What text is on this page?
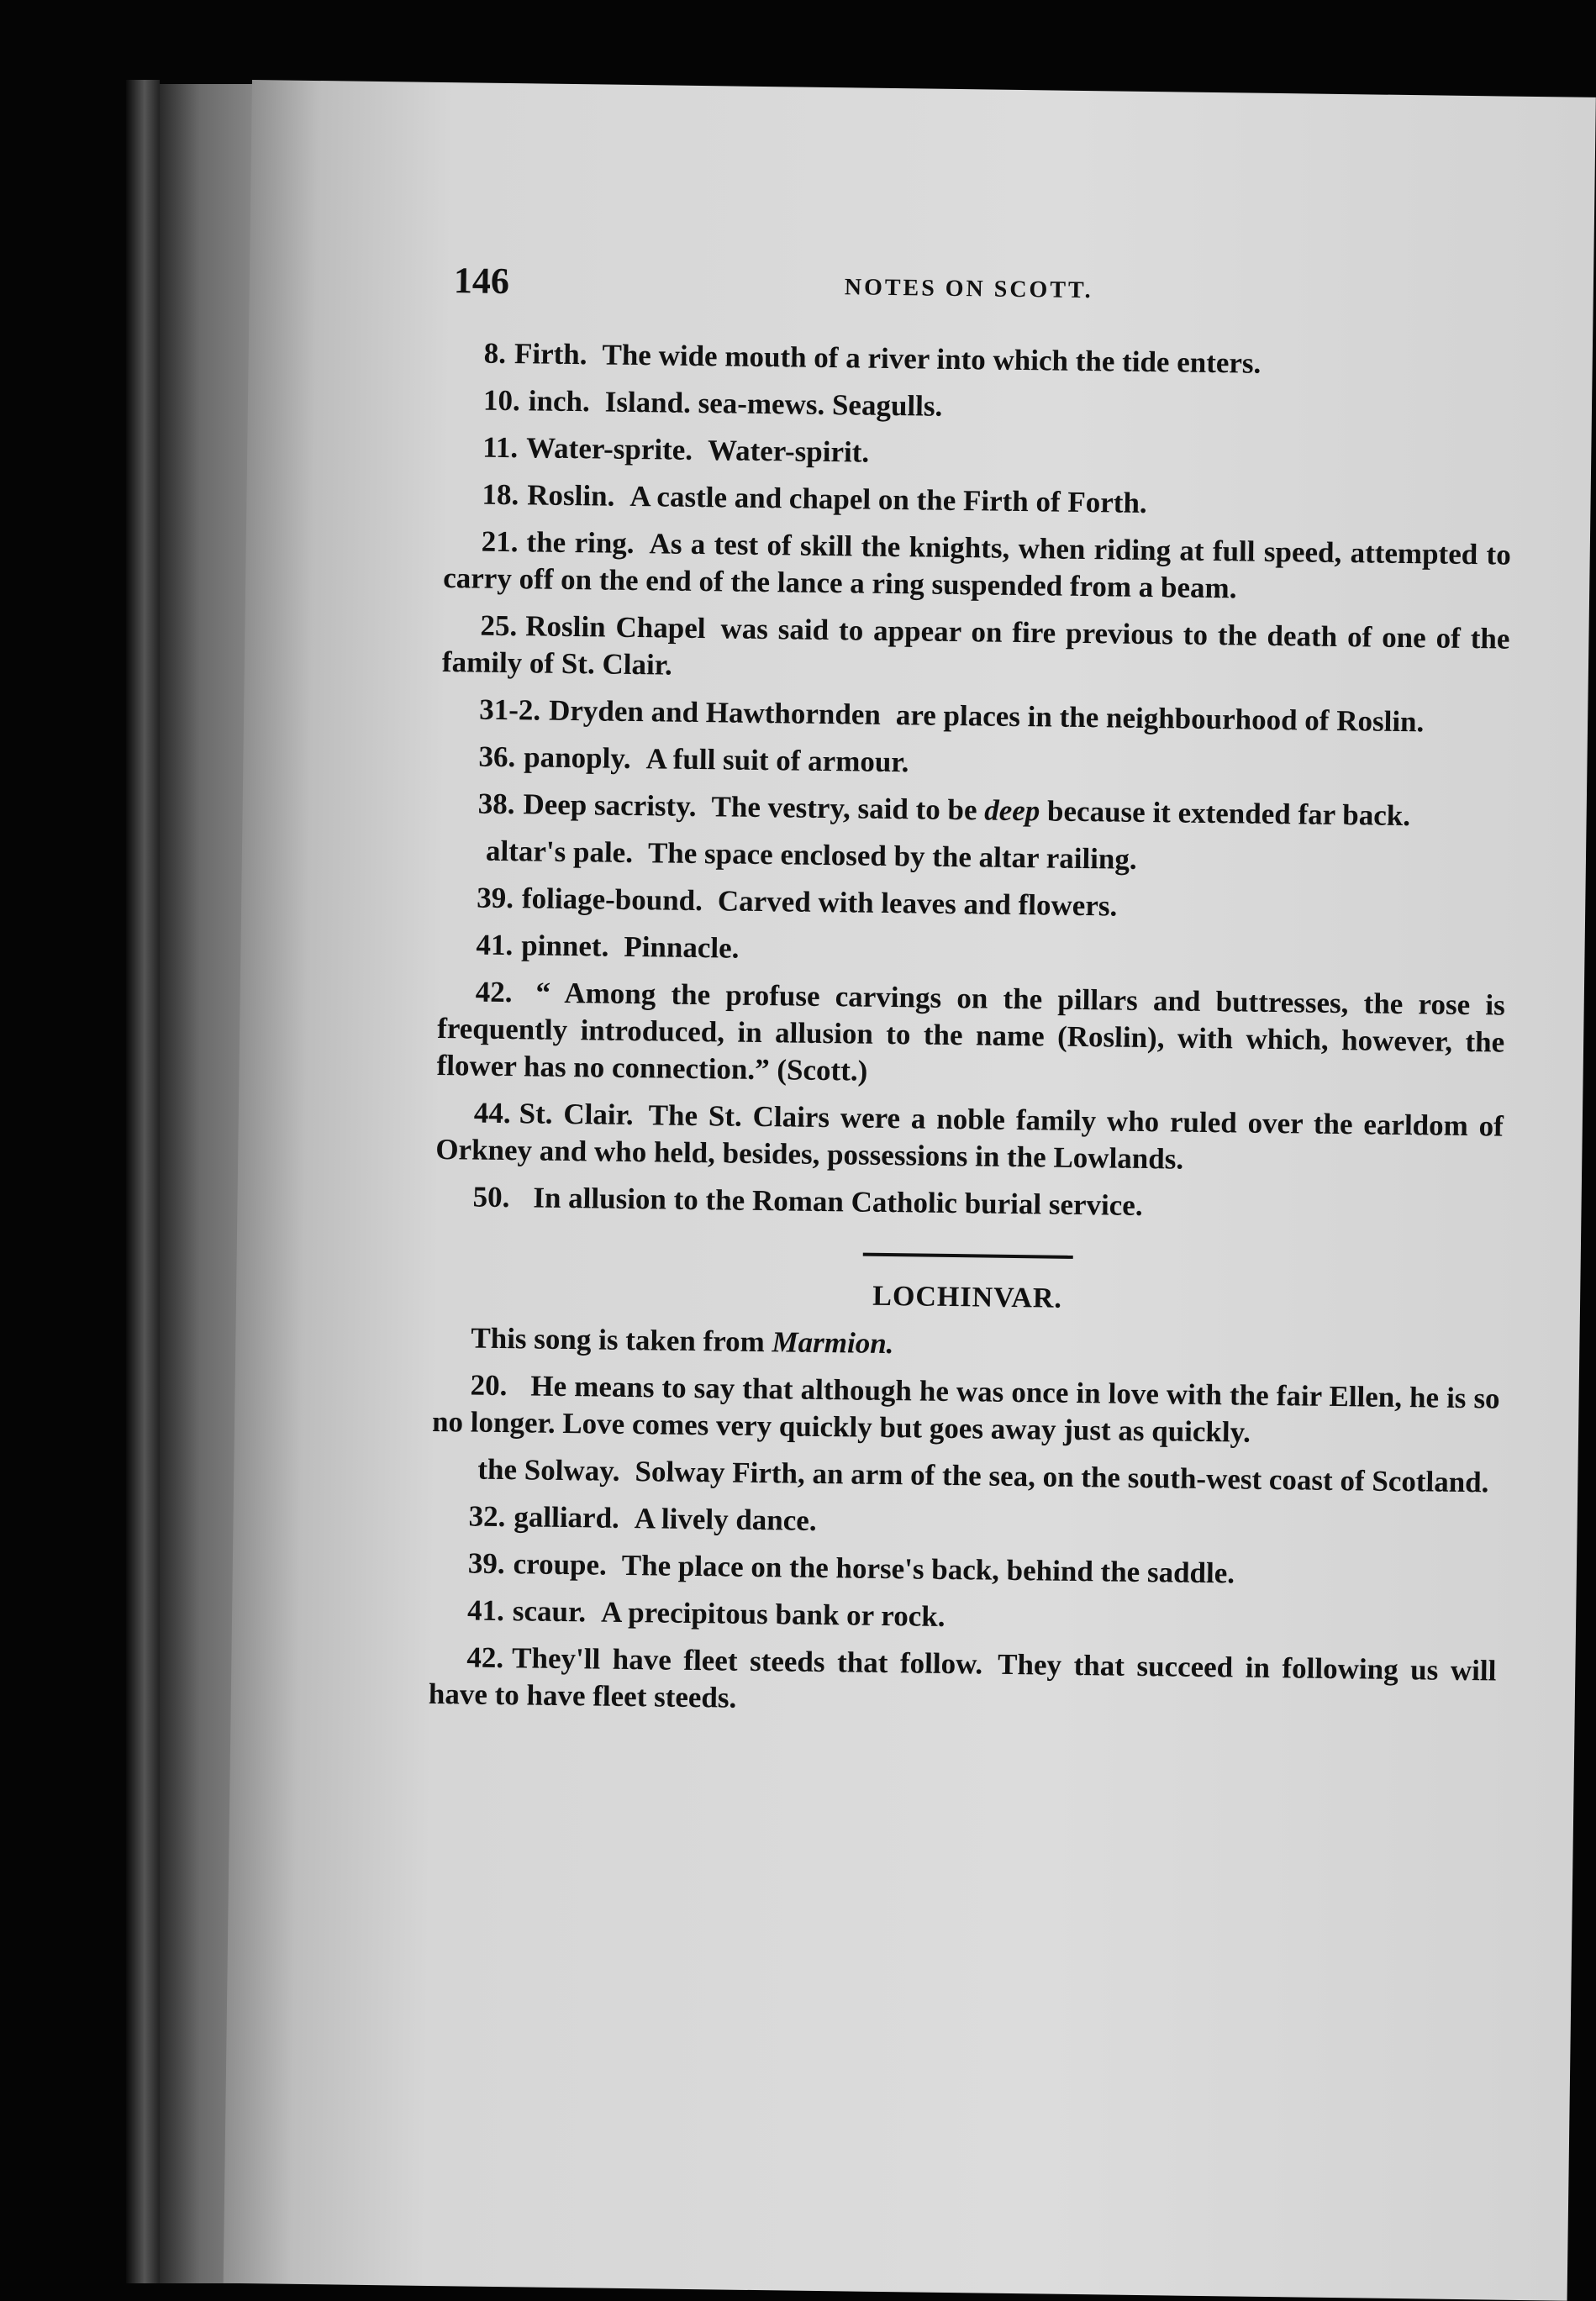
146	NOTES ON SCOTT.

8. Firth. The wide mouth of a river into which the tide enters.

10. inch. Island. sea-mews. Seagulls.

11. Water-sprite. Water-spirit.

18. Roslin. A castle and chapel on the Firth of Forth.

21. the ring. As a test of skill the knights, when riding at full speed, attempted to carry off on the end of the lance a ring suspended from a beam.

25. Roslin Chapel was said to appear on fire previous to the death of one of the family of St. Clair.

31-2. Dryden and Hawthornden are places in the neighbourhood of Roslin.

36. panoply. A full suit of armour.

38. Deep sacristy. The vestry, said to be deep because it extended far back.

altar's pale. The space enclosed by the altar railing.

39. foliage-bound. Carved with leaves and flowers.

41. pinnet. Pinnacle.

42. “ Among the profuse carvings on the pillars and buttresses, the rose is frequently introduced, in allusion to the name (Roslin), with which, however, the flower has no connection.” (Scott.)

44. St. Clair. The St. Clairs were a noble family who ruled over the earldom of Orkney and who held, besides, possessions in the Lowlands.

50. In allusion to the Roman Catholic burial service.

LOCHINVAR.

This song is taken from Marmion.

20. He means to say that although he was once in love with the fair Ellen, he is so no longer. Love comes very quickly but goes away just as quickly.

the Solway. Solway Firth, an arm of the sea, on the south-west coast of Scotland.

32. galliard. A lively dance.

39. croupe. The place on the horse's back, behind the saddle.

41. scaur. A precipitous bank or rock.

42. They'll have fleet steeds that follow. They that succeed in following us will have to have fleet steeds.
